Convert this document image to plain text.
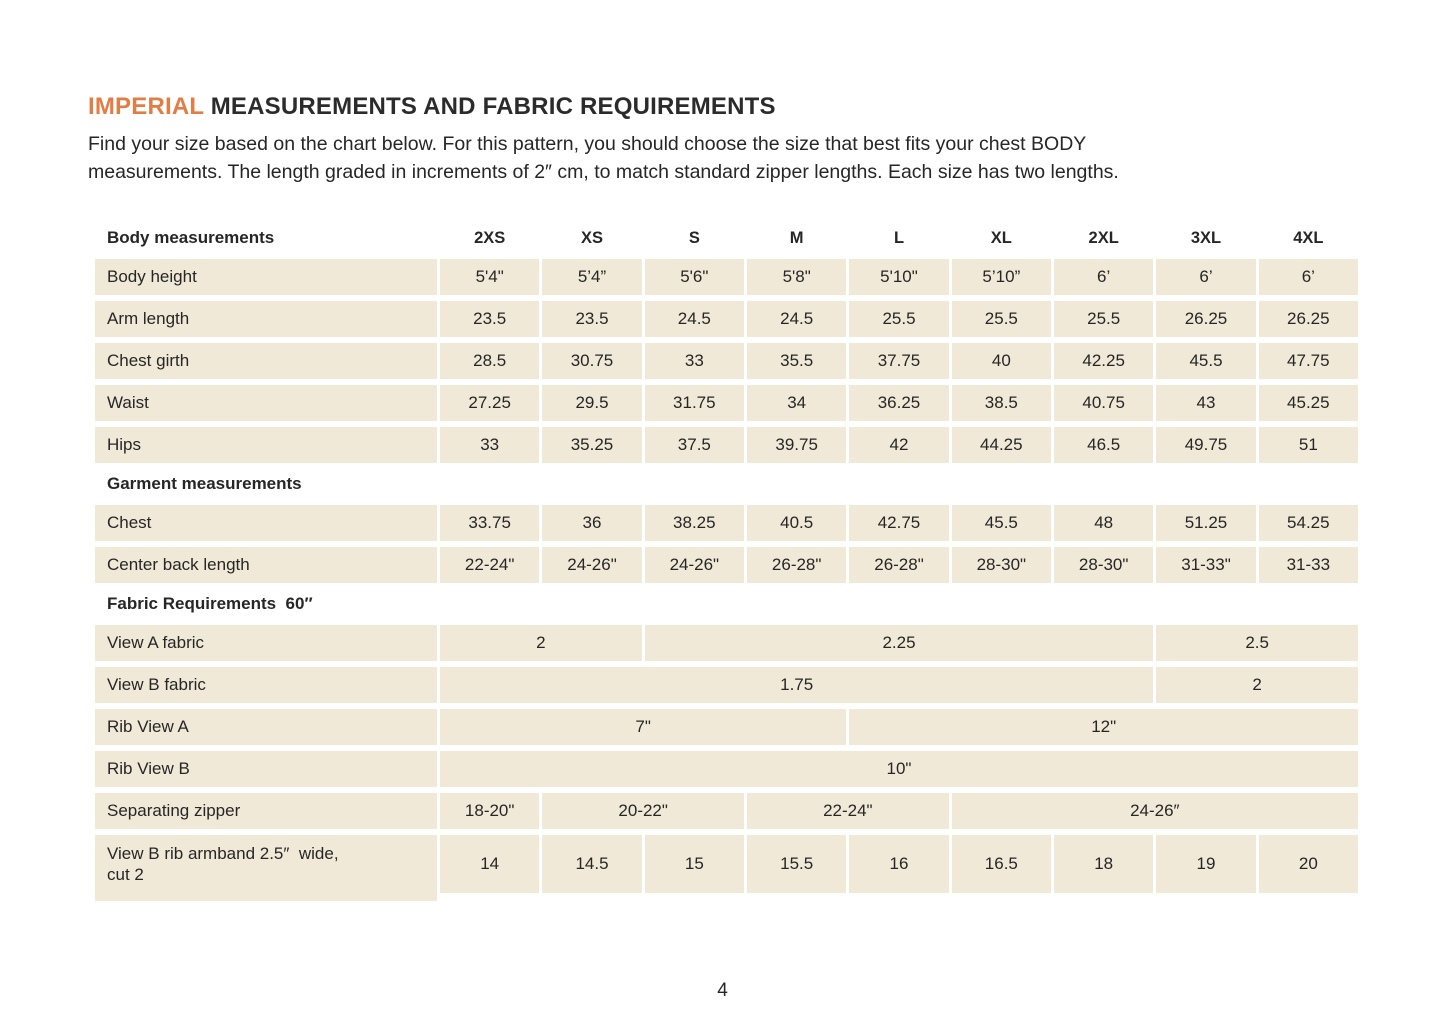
IMPERIAL MEASUREMENTS AND FABRIC REQUIREMENTS
Find your size based on the chart below. For this pattern, you should choose the size that best fits your chest BODY
measurements. The length graded in increments of 2″ cm, to match standard zipper lengths. Each size has two lengths.
Body measurements	2XS	XS	S	M	L	XL	2XL	3XL	4XL
Body height	5'4"	5’4”	5'6"	5'8"	5'10"	5’10”	6’	6’	6’
Arm length	23.5	23.5	24.5	24.5	25.5	25.5	25.5	26.25	26.25
Chest girth	28.5	30.75	33	35.5	37.75	40	42.25	45.5	47.75
Waist	27.25	29.5	31.75	34	36.25	38.5	40.75	43	45.25
Hips	33	35.25	37.5	39.75	42	44.25	46.5	49.75	51
Garment measurements
Chest	33.75	36	38.25	40.5	42.75	45.5	48	51.25	54.25
Center back length	22-24"	24-26"	24-26"	26-28"	26-28"	28-30"	28-30"	31-33"	31-33
Fabric Requirements  60″
View A fabric	2	2.25	2.5
View B fabric	1.75	2
Rib View A	7"	12"
Rib View B	10"
Separating zipper	18-20"	20-22"	22-24"	24-26″
View B rib armband 2.5″  wide,
cut 2
14	14.5	15	15.5	16	16.5	18	19	20
4
